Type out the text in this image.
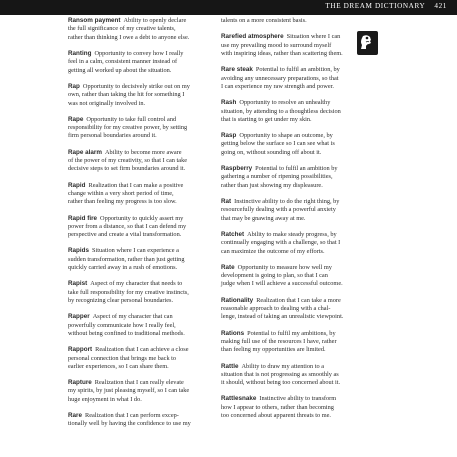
THE DREAM DICTIONARY 421

Ransom payment Ability to openly declare

the full significance of my creative talents,

rather than thinking I owe a debt to anyone else.

Ranting Opportunity to convey how I really

feel in a calm, consistent manner instead of

getting all worked up about the situation.

Rap Opportunity to decisively strike out on my

own, rather than taking the hit for something I

was not originally involved in.

Rape Opportunity to take full control and

responsibility for my creative power, by setting

firm personal boundaries around it.

Rape alarm Ability to become more aware

of the power of my creativity, so that I can take

decisive steps to set firm boundaries around it.

Rapid Realization that I can make a positive

change within a very short period of time,

rather than feeling my progress is too slow.

Rapid fire Opportunity to quickly assert my

power from a distance, so that I can defend my

perspective and create a vital transformation.

Rapids Situation where I can experience a

sudden transformation, rather than just getting

quickly carried away in a rush of emotions.

Rapist Aspect of my character that needs to

take full responsibility for my creative instincts,

by recognizing clear personal boundaries.

Rapper Aspect of my character that can

powerfully communicate how I really feel,

without being confined to traditional methods.

Rapport Realization that I can achieve a close

personal connection that brings me back to

earlier experiences, so I can share them.

Rapture Realization that I can really elevate

my spirits, by just pleasing myself, so I can take

huge enjoyment in what I do.

Rare Realization that I can perform excep-

tionally well by having the confidence to use my

talents on a more consistent basis.

Rarefied atmosphere Situation where I can

use my prevailing mood to surround myself

with inspiring ideas, rather than scattering them.

Rare steak Potential to fulfil an ambition, by

avoiding any unnecessary preparations, so that

I can experience my raw strength and power.

Rash Opportunity to resolve an unhealthy

situation, by attending to a thoughtless decision

that is starting to get under my skin.

Rasp Opportunity to shape an outcome, by

getting below the surface so I can see what is

going on, without sounding off about it.

Raspberry Potential to fulfil an ambition by

gathering a number of ripening possibilities,

rather than just showing my displeasure.

Rat Instinctive ability to do the right thing, by

resourcefully dealing with a powerful anxiety

that may be gnawing away at me.

Ratchet Ability to make steady progress, by

continually engaging with a challenge, so that I

can maximize the outcome of my efforts.

Rate Opportunity to measure how well my

development is going to plan, so that I can

judge when I will achieve a successful outcome.

Rationality Realization that I can take a more

reasonable approach to dealing with a chal-

lenge, instead of taking an unrealistic viewpoint.

Rations Potential to fulfil my ambitions, by

making full use of the resources I have, rather

than feeling my opportunities are limited.

Rattle Ability to draw my attention to a

situation that is not progressing as smoothly as

it should, without being too concerned about it.

Rattlesnake Instinctive ability to transform

how I appear to others, rather than becoming

too concerned about apparent threats to me.
